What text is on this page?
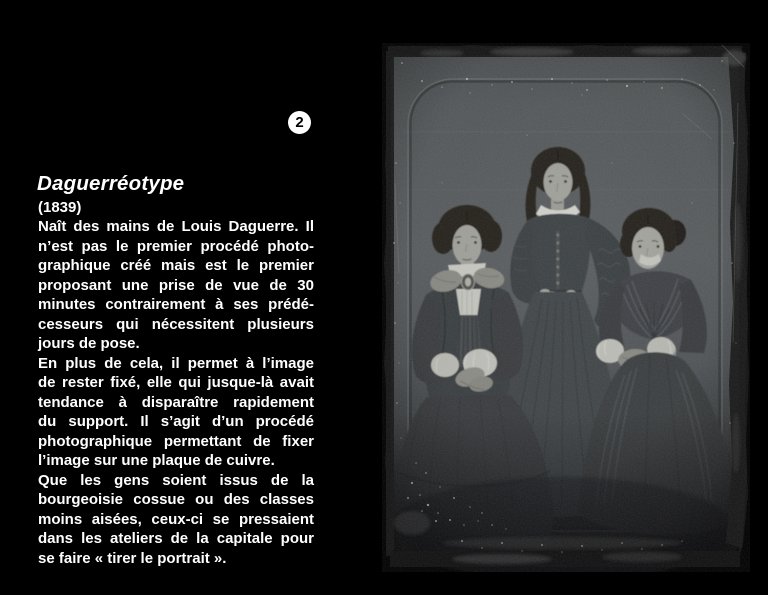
2
Daguerréotype
(1839)
Naît des mains de Louis Daguerre. Il
n’est pas le premier procédé photo-
graphique créé mais est le premier
proposant une prise de vue de 30
minutes contrairement à ses prédé-
cesseurs qui nécessitent plusieurs
jours de pose.
En plus de cela, il permet à l’image
de rester fixé, elle qui jusque-là avait
tendance à disparaître rapidement
du support. Il s’agit d’un procédé
photographique permettant de fixer
l’image sur une plaque de cuivre.
Que les gens soient issus de la
bourgeoisie cossue ou des classes
moins aisées, ceux-ci se pressaient
dans les ateliers de la capitale pour
se faire « tirer le portrait ».
